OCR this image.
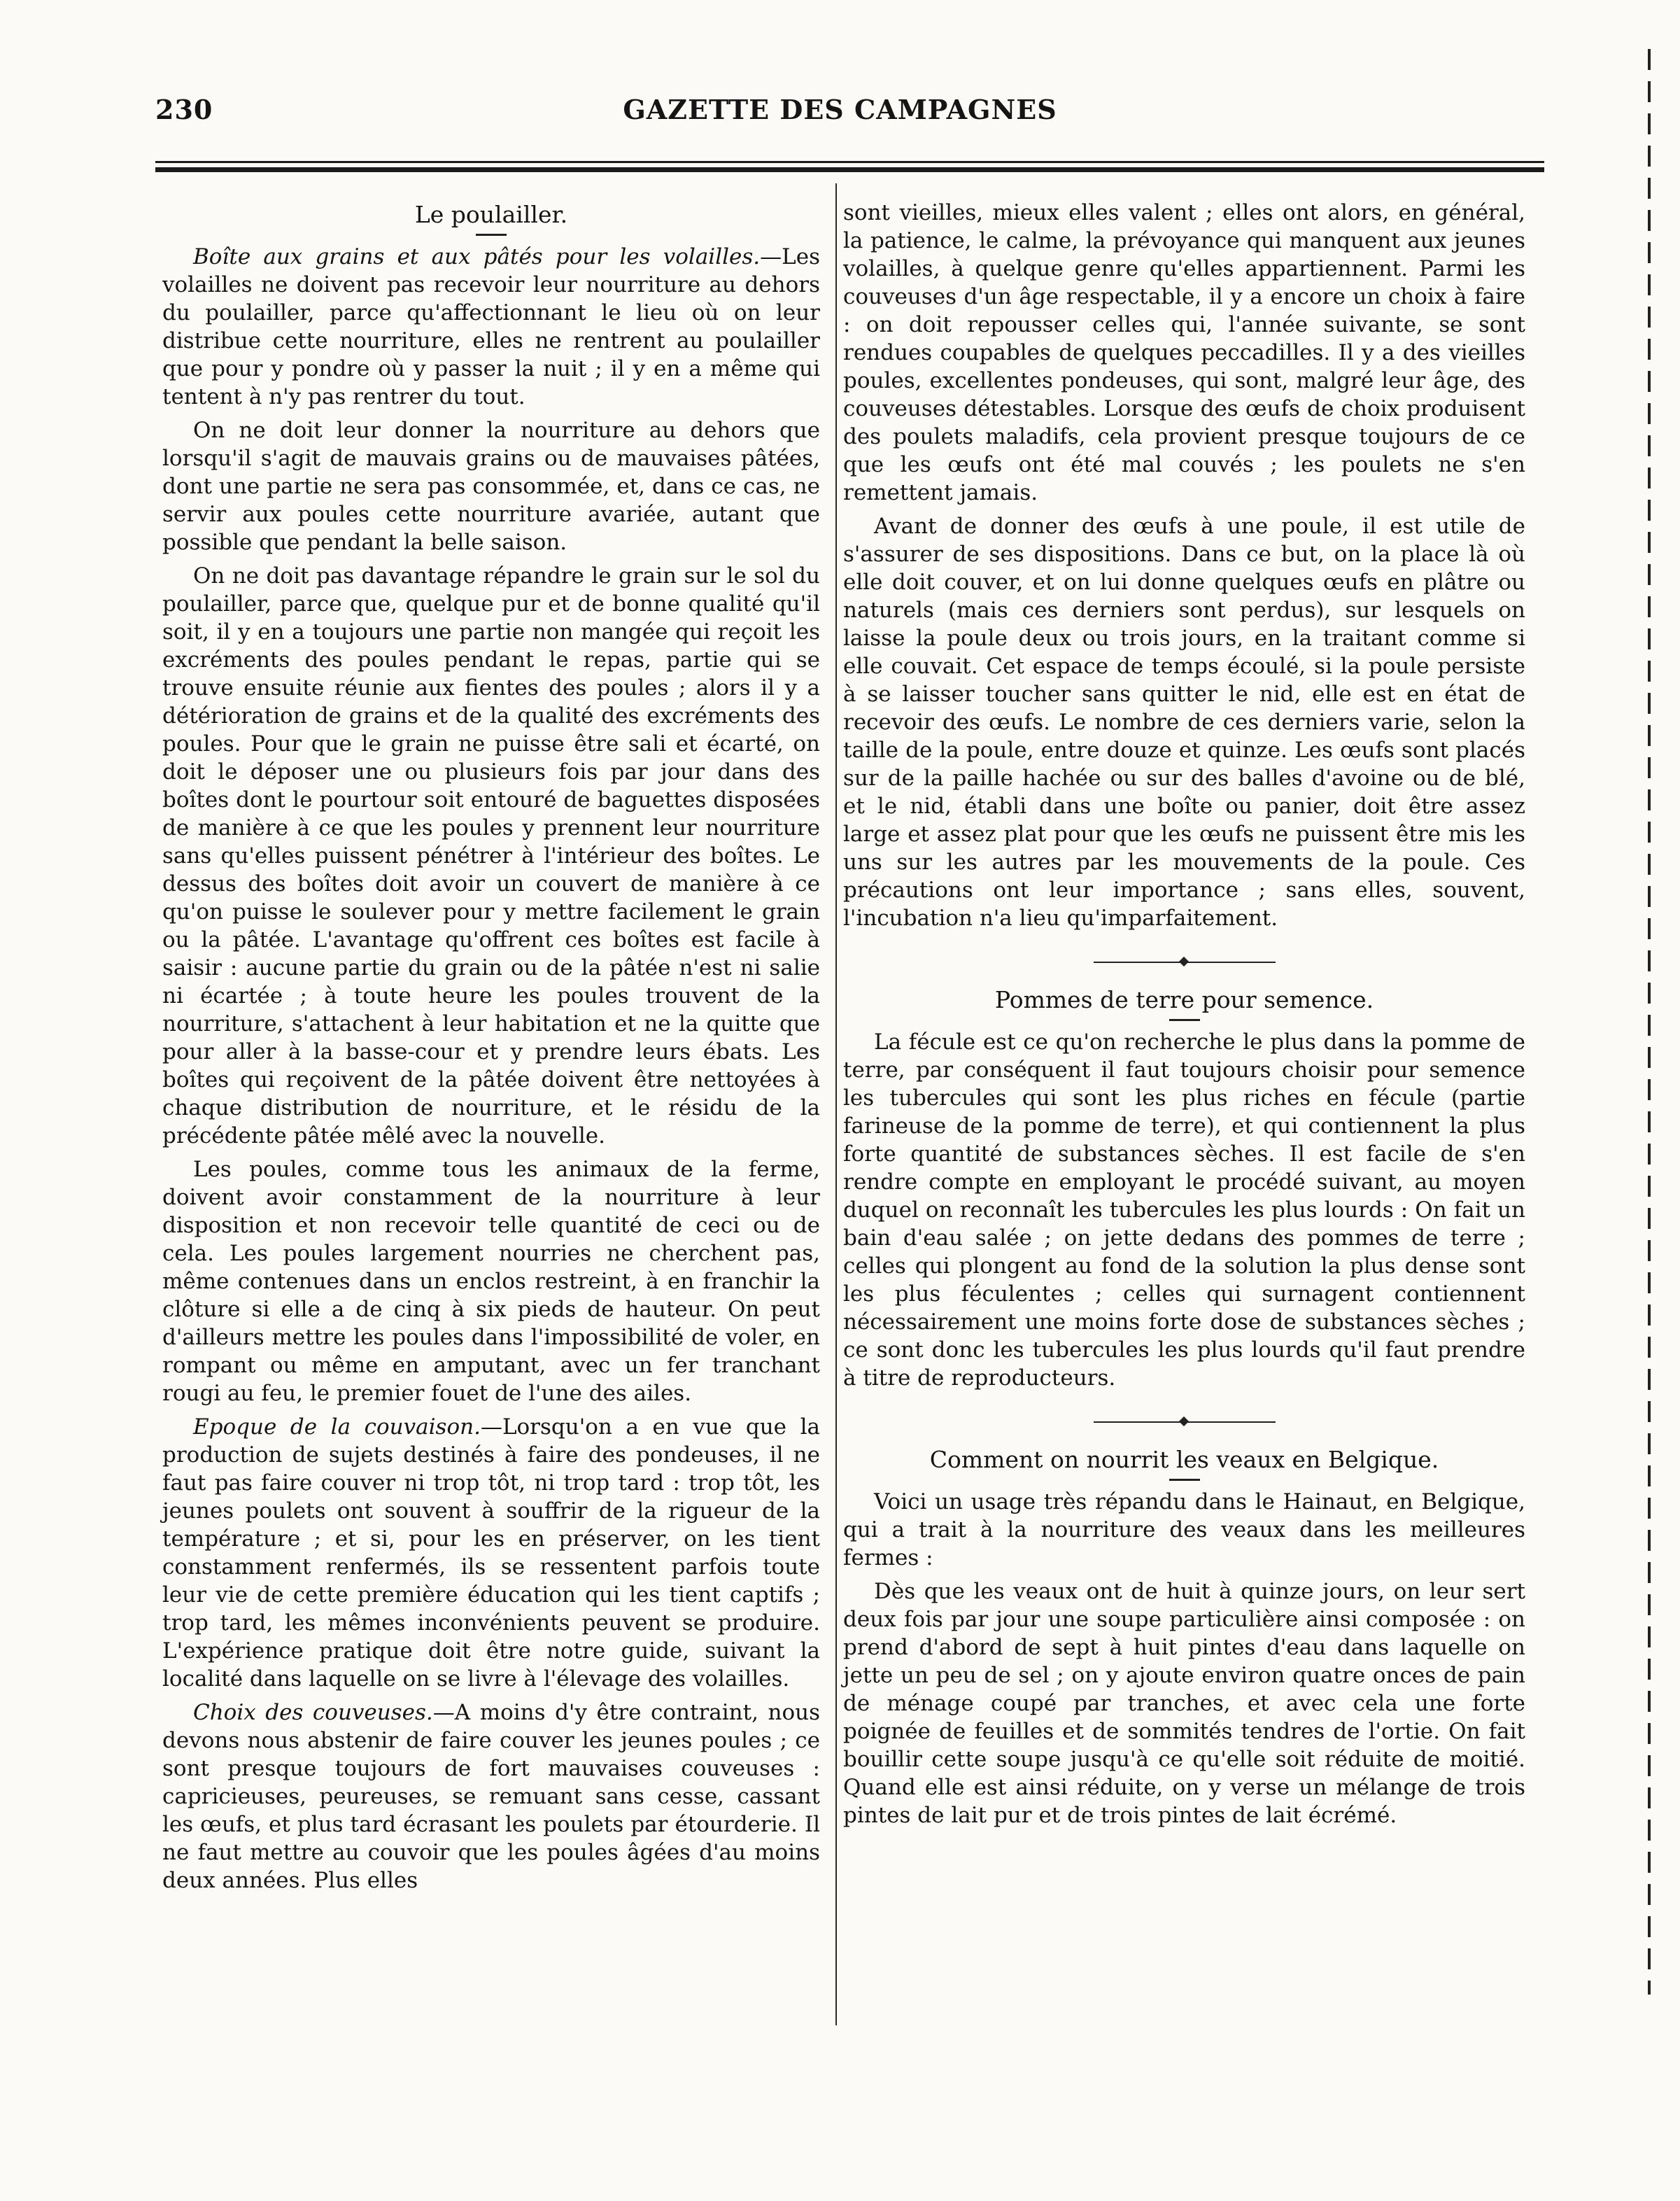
230	GAZETTE DES CAMPAGNES
Le poulailler.

Boîte aux grains et aux pâtés pour les volailles.—Les volailles ne doivent pas recevoir leur nourriture au dehors du poulailler, parce qu'affectionnant le lieu où on leur distribue cette nourriture, elles ne rentrent au poulailler que pour y pondre où y passer la nuit ; il y en a même qui tentent à n'y pas rentrer du tout.

On ne doit leur donner la nourriture au dehors que lorsqu'il s'agit de mauvais grains ou de mauvaises pâtées, dont une partie ne sera pas consommée, et, dans ce cas, ne servir aux poules cette nourriture avariée, autant que possible que pendant la belle saison.

On ne doit pas davantage répandre le grain sur le sol du poulailler, parce que, quelque pur et de bonne qualité qu'il soit, il y en a toujours une partie non mangée qui reçoit les excréments des poules pendant le repas, partie qui se trouve ensuite réunie aux fientes des poules ; alors il y a détérioration de grains et de la qualité des excréments des poules. Pour que le grain ne puisse être sali et écarté, on doit le déposer une ou plusieurs fois par jour dans des boîtes dont le pourtour soit entouré de baguettes disposées de manière à ce que les poules y prennent leur nourriture sans qu'elles puissent pénétrer à l'intérieur des boîtes. Le dessus des boîtes doit avoir un couvert de manière à ce qu'on puisse le soulever pour y mettre facilement le grain ou la pâtée. L'avantage qu'offrent ces boîtes est facile à saisir : aucune partie du grain ou de la pâtée n'est ni salie ni écartée ; à toute heure les poules trouvent de la nourriture, s'attachent à leur habitation et ne la quitte que pour aller à la basse-cour et y prendre leurs ébats. Les boîtes qui reçoivent de la pâtée doivent être nettoyées à chaque distribution de nourriture, et le résidu de la précédente pâtée mêlé avec la nouvelle.

Les poules, comme tous les animaux de la ferme, doivent avoir constamment de la nourriture à leur disposition et non recevoir telle quantité de ceci ou de cela. Les poules largement nourries ne cherchent pas, même contenues dans un enclos restreint, à en franchir la clôture si elle a de cinq à six pieds de hauteur. On peut d'ailleurs mettre les poules dans l'impossibilité de voler, en rompant ou même en amputant, avec un fer tranchant rougi au feu, le premier fouet de l'une des ailes.

Epoque de la couvaison.—Lorsqu'on a en vue que la production de sujets destinés à faire des pondeuses, il ne faut pas faire couver ni trop tôt, ni trop tard : trop tôt, les jeunes poulets ont souvent à souffrir de la rigueur de la température ; et si, pour les en préserver, on les tient constamment renfermés, ils se ressentent parfois toute leur vie de cette première éducation qui les tient captifs ; trop tard, les mêmes inconvénients peuvent se produire. L'expérience pratique doit être notre guide, suivant la localité dans laquelle on se livre à l'élevage des volailles.

Choix des couveuses.—A moins d'y être contraint, nous devons nous abstenir de faire couver les jeunes poules ; ce sont presque toujours de fort mauvaises couveuses : capricieuses, peureuses, se remuant sans cesse, cassant les œufs, et plus tard écrasant les poulets par étourderie. Il ne faut mettre au couvoir que les poules âgées d'au moins deux années. Plus elles

sont vieilles, mieux elles valent ; elles ont alors, en général, la patience, le calme, la prévoyance qui manquent aux jeunes volailles, à quelque genre qu'elles appartiennent. Parmi les couveuses d'un âge respectable, il y a encore un choix à faire : on doit repousser celles qui, l'année suivante, se sont rendues coupables de quelques peccadilles. Il y a des vieilles poules, excellentes pondeuses, qui sont, malgré leur âge, des couveuses détestables. Lorsque des œufs de choix produisent des poulets maladifs, cela provient presque toujours de ce que les œufs ont été mal couvés ; les poulets ne s'en remettent jamais.

Avant de donner des œufs à une poule, il est utile de s'assurer de ses dispositions. Dans ce but, on la place là où elle doit couver, et on lui donne quelques œufs en plâtre ou naturels (mais ces derniers sont perdus), sur lesquels on laisse la poule deux ou trois jours, en la traitant comme si elle couvait. Cet espace de temps écoulé, si la poule persiste à se laisser toucher sans quitter le nid, elle est en état de recevoir des œufs. Le nombre de ces derniers varie, selon la taille de la poule, entre douze et quinze. Les œufs sont placés sur de la paille hachée ou sur des balles d'avoine ou de blé, et le nid, établi dans une boîte ou panier, doit être assez large et assez plat pour que les œufs ne puissent être mis les uns sur les autres par les mouvements de la poule. Ces précautions ont leur importance ; sans elles, souvent, l'incubation n'a lieu qu'imparfaitement.

Pommes de terre pour semence.

La fécule est ce qu'on recherche le plus dans la pomme de terre, par conséquent il faut toujours choisir pour semence les tubercules qui sont les plus riches en fécule (partie farineuse de la pomme de terre), et qui contiennent la plus forte quantité de substances sèches. Il est facile de s'en rendre compte en employant le procédé suivant, au moyen duquel on reconnaît les tubercules les plus lourds : On fait un bain d'eau salée ; on jette dedans des pommes de terre ; celles qui plongent au fond de la solution la plus dense sont les plus féculentes ; celles qui surnagent contiennent nécessairement une moins forte dose de substances sèches ; ce sont donc les tubercules les plus lourds qu'il faut prendre à titre de reproducteurs.

Comment on nourrit les veaux en Belgique.

Voici un usage très répandu dans le Hainaut, en Belgique, qui a trait à la nourriture des veaux dans les meilleures fermes :

Dès que les veaux ont de huit à quinze jours, on leur sert deux fois par jour une soupe particulière ainsi composée : on prend d'abord de sept à huit pintes d'eau dans laquelle on jette un peu de sel ; on y ajoute environ quatre onces de pain de ménage coupé par tranches, et avec cela une forte poignée de feuilles et de sommités tendres de l'ortie. On fait bouillir cette soupe jusqu'à ce qu'elle soit réduite de moitié. Quand elle est ainsi réduite, on y verse un mélange de trois pintes de lait pur et de trois pintes de lait écrémé.
